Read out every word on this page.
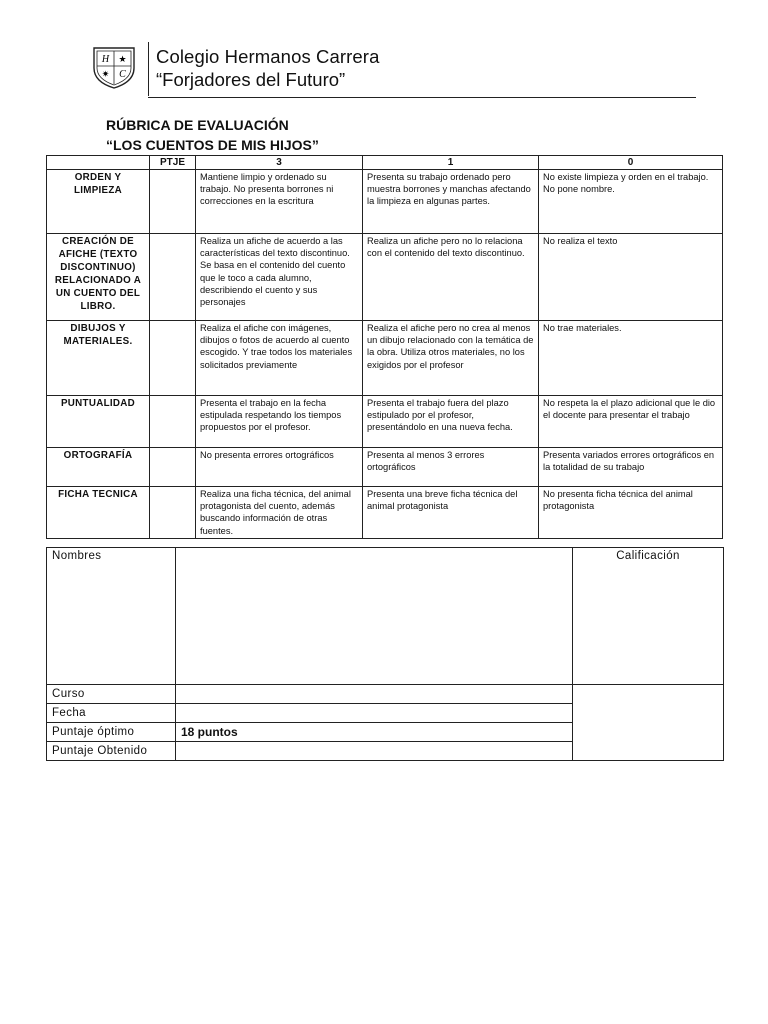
H ★
✷ C
Colegio Hermanos Carrera
“Forjadores del Futuro”
RÚBRICA DE EVALUACIÓN
“LOS CUENTOS DE MIS HIJOS”
	PTJE	3	1	0
ORDEN Y LIMPIEZA		Mantiene limpio y ordenado su trabajo. No presenta borrones ni correcciones en la escritura	Presenta su trabajo ordenado pero muestra borrones y manchas afectando la limpieza en algunas partes.	No existe limpieza y orden en el trabajo. No pone nombre.
CREACIÓN DE AFICHE (TEXTO DISCONTINUO) RELACIONADO A UN CUENTO DEL LIBRO.		Realiza un afiche de acuerdo a las características del texto discontinuo. Se basa en el contenido del cuento que le toco a cada alumno, describiendo el cuento y sus personajes	Realiza un afiche pero no lo relaciona con el contenido del texto discontinuo.	No realiza el texto
DIBUJOS Y MATERIALES.		Realiza el afiche con imágenes, dibujos o fotos de acuerdo al cuento escogido. Y trae todos los materiales solicitados previamente	Realiza el afiche pero no crea al menos un dibujo relacionado con la temática de la obra. Utiliza otros materiales, no los exigidos por el profesor	No trae materiales.
PUNTUALIDAD		Presenta el trabajo en la fecha estipulada respetando los tiempos propuestos por el profesor.	Presenta el trabajo fuera del plazo estipulado por el profesor, presentándolo en una nueva fecha.	No respeta la el plazo adicional que le dio el docente para presentar el trabajo
ORTOGRAFÍA		No presenta errores ortográficos	Presenta al menos 3 errores ortográficos	Presenta variados errores ortográficos en la totalidad de su trabajo
FICHA TECNICA		Realiza una ficha técnica, del animal protagonista del cuento, además buscando información de otras fuentes.	Presenta una breve ficha técnica del animal protagonista	No presenta ficha técnica del animal protagonista
Nombres		Calificación
Curso		
Fecha		
Puntaje óptimo	18 puntos	
Puntaje Obtenido		
